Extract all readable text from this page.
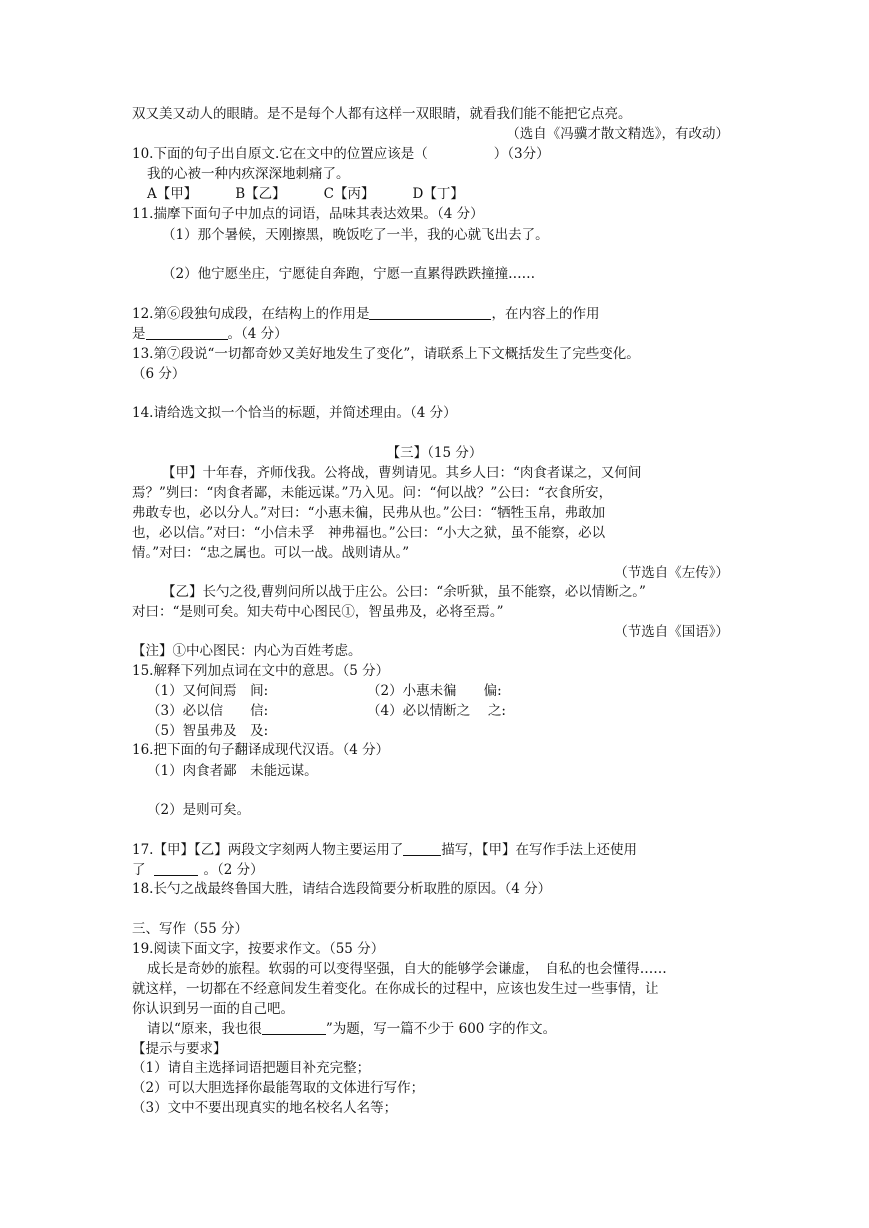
双又美又动人的眼睛。是不是每个人都有这样一双眼睛，就看我们能不能把它点亮。
（选自《冯骥才散文精选》，有改动）
10.下面的句子出自原文.它在文中的位置应该是（	）（3分）
我的心被一种内疚深深地刺痛了。
A【甲】	B【乙】	C【丙】	D【丁】
11.揣摩下面句子中加点的词语，品味其表达效果。（4 分）
（1）那个暑候，天刚擦黑，晚饭吃了一半，我的心就飞出去了。
（2）他宁愿坐庄，宁愿徒自奔跑，宁愿一直累得跌跌撞撞……
12.第⑥段独句成段，在结构上的作用是	，在内容上的作用
是	。（4 分）
13.第⑦段说“一切都奇妙又美好地发生了变化”，请联系上下文概括发生了完些变化。
（6 分）
14.请给选文拟一个恰当的标题，并简述理由。（4 分）
【三】（15 分）
【甲】十年春，齐师伐我。公将战，曹刿请见。其乡人曰：“肉食者谋之，又何间
焉？”刿曰：“肉食者鄙，未能远谋。”乃入见。问：“何以战？”公曰：“衣食所安，
弗敢专也，必以分人。”对曰：“小惠未徧，民弗从也。”公曰：“牺牲玉帛，弗敢加
也，必以信。”对曰：“小信未孚　神弗福也。”公曰：“小大之狱，虽不能察，必以
情。”对曰：“忠之属也。可以一战。战则请从。”
（节选自《左传》）
【乙】长勺之役,曹刿问所以战于庄公。公曰：“余听狱，虽不能察，必以情断之。”
对曰：“是则可矣。知夫苟中心图民①，智虽弗及，必将至焉。”
（节选自《国语》）
【注】①中心图民：内心为百姓考虑。
15.解释下列加点词在文中的意思。（5 分）
（1）又何间焉　间:	（2）小惠未徧　　偏:
（3）必以信　　信:	（4）必以情断之　 之:
（5）智虽弗及　及:
16.把下面的句子翻译成现代汉语。（4 分）
（1）肉食者鄙　未能远谋。
（2）是则可矣。
17.【甲】【乙】两段文字刻两人物主要运用了	描写，【甲】在写作手法上还使用
了	。（2 分）
18.长勺之战最终鲁国大胜，请结合选段简要分析取胜的原因。（4 分）
三、写作（55 分）
19.阅读下面文字，按要求作文。（55 分）
成长是奇妙的旅程。软弱的可以变得坚强，自大的能够学会谦虚，　自私的也会懂得……
就这样，一切都在不经意间发生着变化。在你成长的过程中，应该也发生过一些事情，让
你认识到另一面的自己吧。
请以“原来，我也很	”为题，写一篇不少于 600 字的作文。
【提示与要求】
（1）请自主选择词语把题目补充完整；
（2）可以大胆选择你最能驾取的文体进行写作；
（3）文中不要出现真实的地名校名人名等；
